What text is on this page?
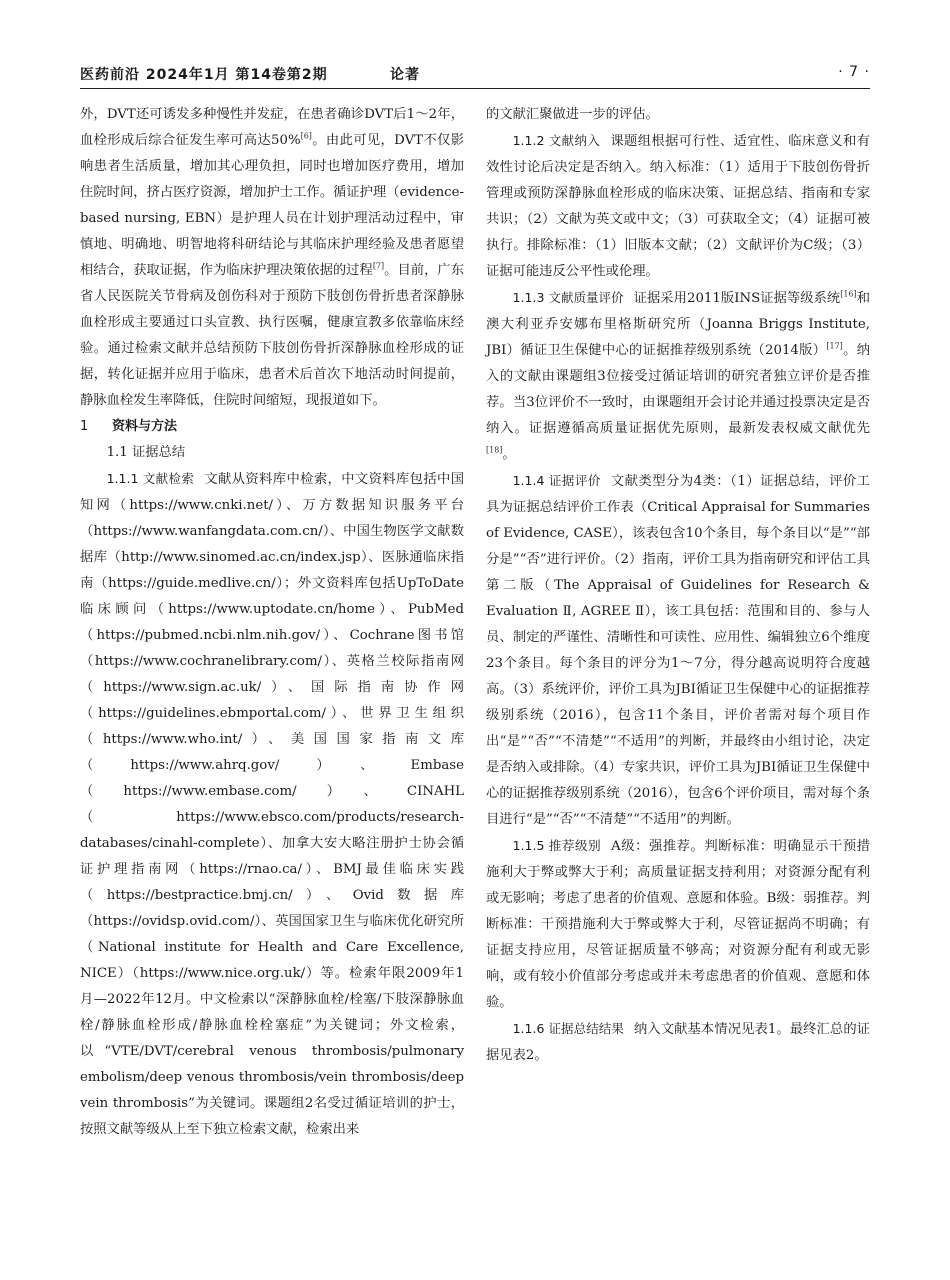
医药前沿 2024年1月 第14卷第2期	论著	· 7 ·

外，DVT还可诱发多种慢性并发症，在患者确诊DVT后1～2年，血栓形成后综合征发生率可高达50%[6]。由此可见，DVT不仅影响患者生活质量，增加其心理负担，同时也增加医疗费用，增加住院时间，挤占医疗资源，增加护士工作。循证护理（evidence-based nursing, EBN）是护理人员在计划护理活动过程中，审慎地、明确地、明智地将科研结论与其临床护理经验及患者愿望相结合，获取证据，作为临床护理决策依据的过程[7]。目前，广东省人民医院关节骨病及创伤科对于预防下肢创伤骨折患者深静脉血栓形成主要通过口头宣教、执行医嘱，健康宣教多依靠临床经验。通过检索文献并总结预防下肢创伤骨折深静脉血栓形成的证据，转化证据并应用于临床，患者术后首次下地活动时间提前，静脉血栓发生率降低，住院时间缩短，现报道如下。

1 资料与方法

1.1 证据总结

1.1.1 文献检索 文献从资料库中检索，中文资料库包括中国知网（https://www.cnki.net/）、万方数据知识服务平台（https://www.wanfangdata.com.cn/）、中国生物医学文献数据库（http://www.sinomed.ac.cn/index.jsp）、医脉通临床指南（https://guide.medlive.cn/）；外文资料库包括UpToDate临床顾问（https://www.uptodate.cn/home）、PubMed（https://pubmed.ncbi.nlm.nih.gov/）、Cochrane图书馆（https://www.cochranelibrary.com/）、英格兰校际指南网（https://www.sign.ac.uk/）、国际指南协作网（https://guidelines.ebmportal.com/）、世界卫生组织（https://www.who.int/）、美国国家指南文库（https://www.ahrq.gov/）、Embase（https://www.embase.com/）、CINAHL（https://www.ebsco.com/products/research-databases/cinahl-complete）、加拿大安大略注册护士协会循证护理指南网（https://rnao.ca/）、BMJ最佳临床实践（https://bestpractice.bmj.cn/）、Ovid数据库（https://ovidsp.ovid.com/）、英国国家卫生与临床优化研究所（National institute for Health and Care Excellence, NICE）（https://www.nice.org.uk/）等。检索年限2009年1月—2022年12月。中文检索以“深静脉血栓/栓塞/下肢深静脉血栓/静脉血栓形成/静脉血栓栓塞症”为关键词；外文检索，以“VTE/DVT/cerebral venous thrombosis/pulmonary embolism/deep venous thrombosis/vein thrombosis/deep vein thrombosis”为关键词。课题组2名受过循证培训的护士，按照文献等级从上至下独立检索文献，检索出来

的文献汇聚做进一步的评估。

1.1.2 文献纳入 课题组根据可行性、适宜性、临床意义和有效性讨论后决定是否纳入。纳入标准：（1）适用于下肢创伤骨折管理或预防深静脉血栓形成的临床决策、证据总结、指南和专家共识；（2）文献为英文或中文；（3）可获取全文；（4）证据可被执行。排除标准：（1）旧版本文献；（2）文献评价为C级；（3）证据可能违反公平性或伦理。

1.1.3 文献质量评价 证据采用2011版INS证据等级系统[16]和澳大利亚乔安娜布里格斯研究所（Joanna Briggs Institute, JBI）循证卫生保健中心的证据推荐级别系统（2014版）[17]。纳入的文献由课题组3位接受过循证培训的研究者独立评价是否推荐。当3位评价不一致时，由课题组开会讨论并通过投票决定是否纳入。证据遵循高质量证据优先原则，最新发表权威文献优先[18]。

1.1.4 证据评价 文献类型分为4类：（1）证据总结，评价工具为证据总结评价工作表（Critical Appraisal for Summaries of Evidence, CASE），该表包含10个条目，每个条目以“是”“部分是”“否”进行评价。（2）指南，评价工具为指南研究和评估工具第二版（The Appraisal of Guidelines for Research & Evaluation Ⅱ, AGREE Ⅱ），该工具包括：范围和目的、参与人员、制定的严谨性、清晰性和可读性、应用性、编辑独立6个维度23个条目。每个条目的评分为1～7分，得分越高说明符合度越高。（3）系统评价，评价工具为JBI循证卫生保健中心的证据推荐级别系统（2016），包含11个条目，评价者需对每个项目作出“是”“否”“不清楚”“不适用”的判断，并最终由小组讨论，决定是否纳入或排除。（4）专家共识，评价工具为JBI循证卫生保健中心的证据推荐级别系统（2016），包含6个评价项目，需对每个条目进行“是”“否”“不清楚”“不适用”的判断。

1.1.5 推荐级别 A级：强推荐。判断标准：明确显示干预措施利大于弊或弊大于利；高质量证据支持利用；对资源分配有利或无影响；考虑了患者的价值观、意愿和体验。B级：弱推荐。判断标准：干预措施利大于弊或弊大于利，尽管证据尚不明确；有证据支持应用，尽管证据质量不够高；对资源分配有利或无影响，或有较小价值部分考虑或并未考虑患者的价值观、意愿和体验。

1.1.6 证据总结结果 纳入文献基本情况见表1。最终汇总的证据见表2。
